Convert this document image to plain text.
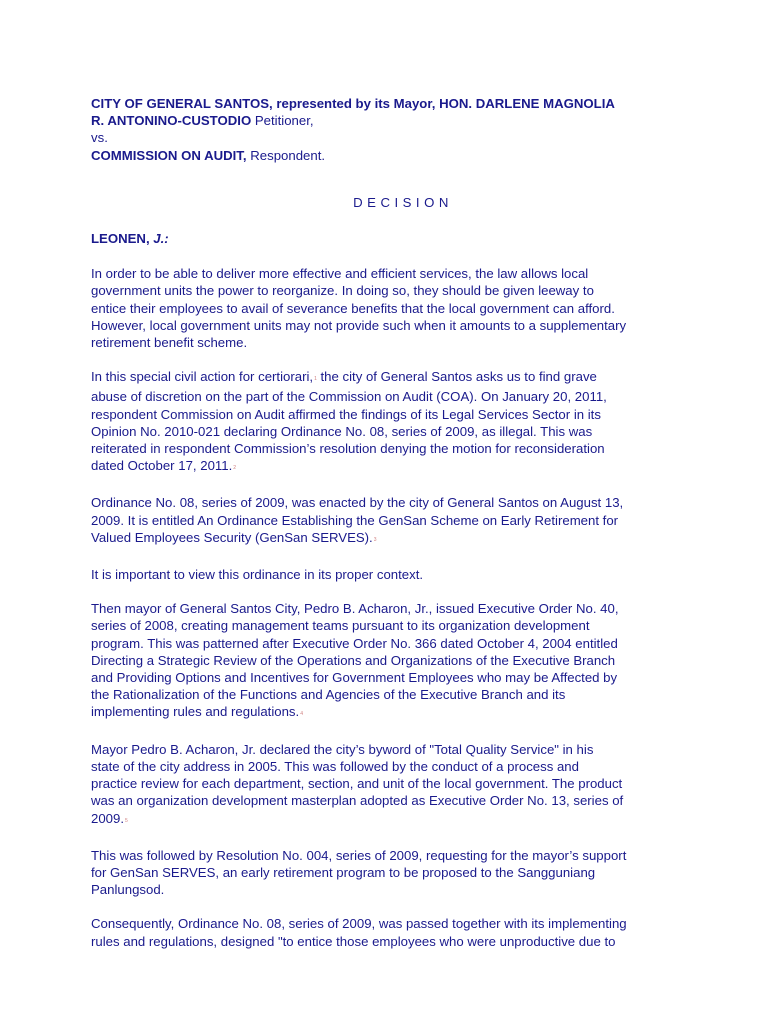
CITY OF GENERAL SANTOS, represented by its Mayor, HON. DARLENE MAGNOLIA

R. ANTONINO-CUSTODIO Petitioner,

vs.

COMMISSION ON AUDIT, Respondent.

DECISION

LEONEN, J.:

In order to be able to deliver more effective and efficient services, the law allows local
government units the power to reorganize. In doing so, they should be given leeway to
entice their employees to avail of severance benefits that the local government can afford.
However, local government units may not provide such when it amounts to a supplementary
retirement benefit scheme.

In this special civil action for certiorari,$^1$ the city of General Santos asks us to find grave
abuse of discretion on the part of the Commission on Audit (COA). On January 20, 2011,
respondent Commission on Audit affirmed the findings of its Legal Services Sector in its
Opinion No. 2010-021 declaring Ordinance No. 08, series of 2009, as illegal. This was
reiterated in respondent Commission’s resolution denying the motion for reconsideration
dated October 17, 2011.$^2$

Ordinance No. 08, series of 2009, was enacted by the city of General Santos on August 13,
2009. It is entitled An Ordinance Establishing the GenSan Scheme on Early Retirement for
Valued Employees Security (GenSan SERVES).$^3$

It is important to view this ordinance in its proper context.

Then mayor of General Santos City, Pedro B. Acharon, Jr., issued Executive Order No. 40,
series of 2008, creating management teams pursuant to its organization development
program. This was patterned after Executive Order No. 366 dated October 4, 2004 entitled
Directing a Strategic Review of the Operations and Organizations of the Executive Branch
and Providing Options and Incentives for Government Employees who may be Affected by
the Rationalization of the Functions and Agencies of the Executive Branch and its
implementing rules and regulations.$^4$

Mayor Pedro B. Acharon, Jr. declared the city’s byword of "Total Quality Service" in his
state of the city address in 2005. This was followed by the conduct of a process and
practice review for each department, section, and unit of the local government. The product
was an organization development masterplan adopted as Executive Order No. 13, series of
2009.$^5$

This was followed by Resolution No. 004, series of 2009, requesting for the mayor’s support
for GenSan SERVES, an early retirement program to be proposed to the Sangguniang
Panlungsod.

Consequently, Ordinance No. 08, series of 2009, was passed together with its implementing
rules and regulations, designed "to entice those employees who were unproductive due to
